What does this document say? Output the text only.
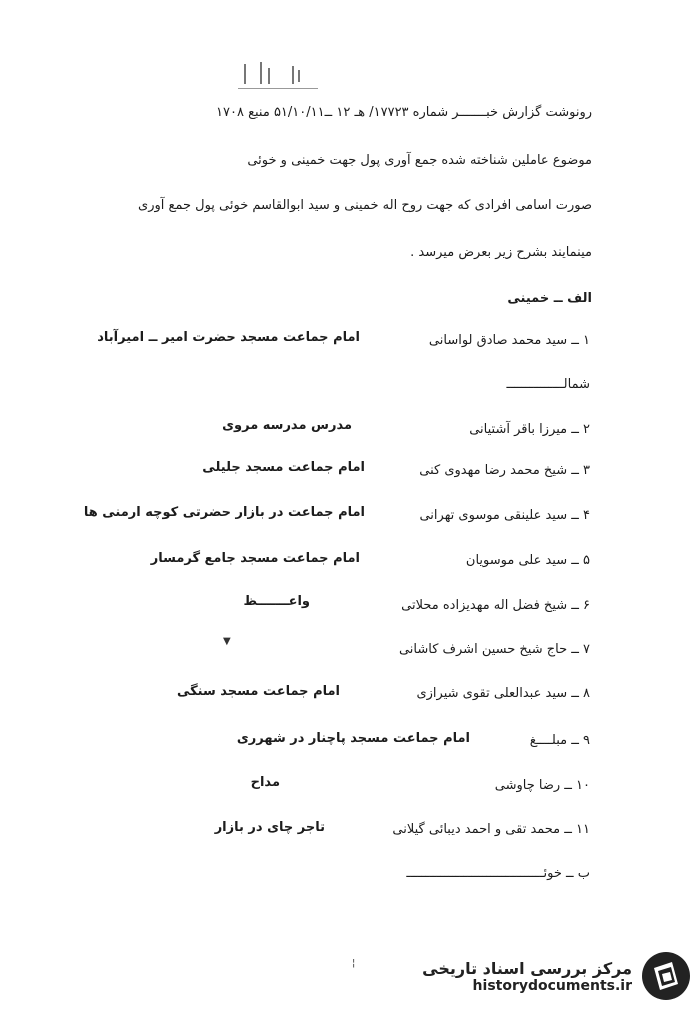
رونوشت گزارش خبـــــــر شماره ۱۷۷۲۳/ هـ ۱۲ ــ۵۱/۱۰/۱۱ منبع ۱۷۰۸
موضوع عاملین شناخته شده جمع آوری پول جهت خمینی و خوئی
صورت اسامی افرادی که جهت روح اله خمینی و سید ابوالقاسم خوئی پول جمع آوری
مینمایند بشرح زیر بعرض میرسد .
الف ــ خمینی
۱ ــ سید محمد صادق لواسانی
امام جماعت مسجد حضرت امیر ــ امیرآباد
شمالـــــــــــــــ
۲ ــ میرزا باقر آشتیانی
مدرس مدرسه مروی
۳ ــ شیخ محمد رضا مهدوی کنی
امام جماعت مسجد جلیلی
۴ ــ سید علینقی موسوی تهرانی
امام جماعت در بازار حضرتی کوچه ارمنی ها
۵ ــ سید علی موسویان
امام جماعت مسجد جامع گرمسار
۶ ــ شیخ فضل اله مهدیزاده محلاتی
واعـــــــظ
▼
۷ ــ حاج شیخ حسین اشرف کاشانی
۸ ــ سید عبدالعلی تقوی شیرازی
امام جماعت مسجد سنگی
۹ ــ مبلــــغ
امام جماعت مسجد پاچنار در شهرری
۱۰ ــ رضا چاوشی
مداح
۱۱ ــ محمد تقی و احمد دیبائی گیلانی
تاجر چای در بازار
ب ــ خوئــــــــــــــــــــــــــــــــــــ
¦	مرکز بررسی اسناد تاریخی
historydocuments.ir
